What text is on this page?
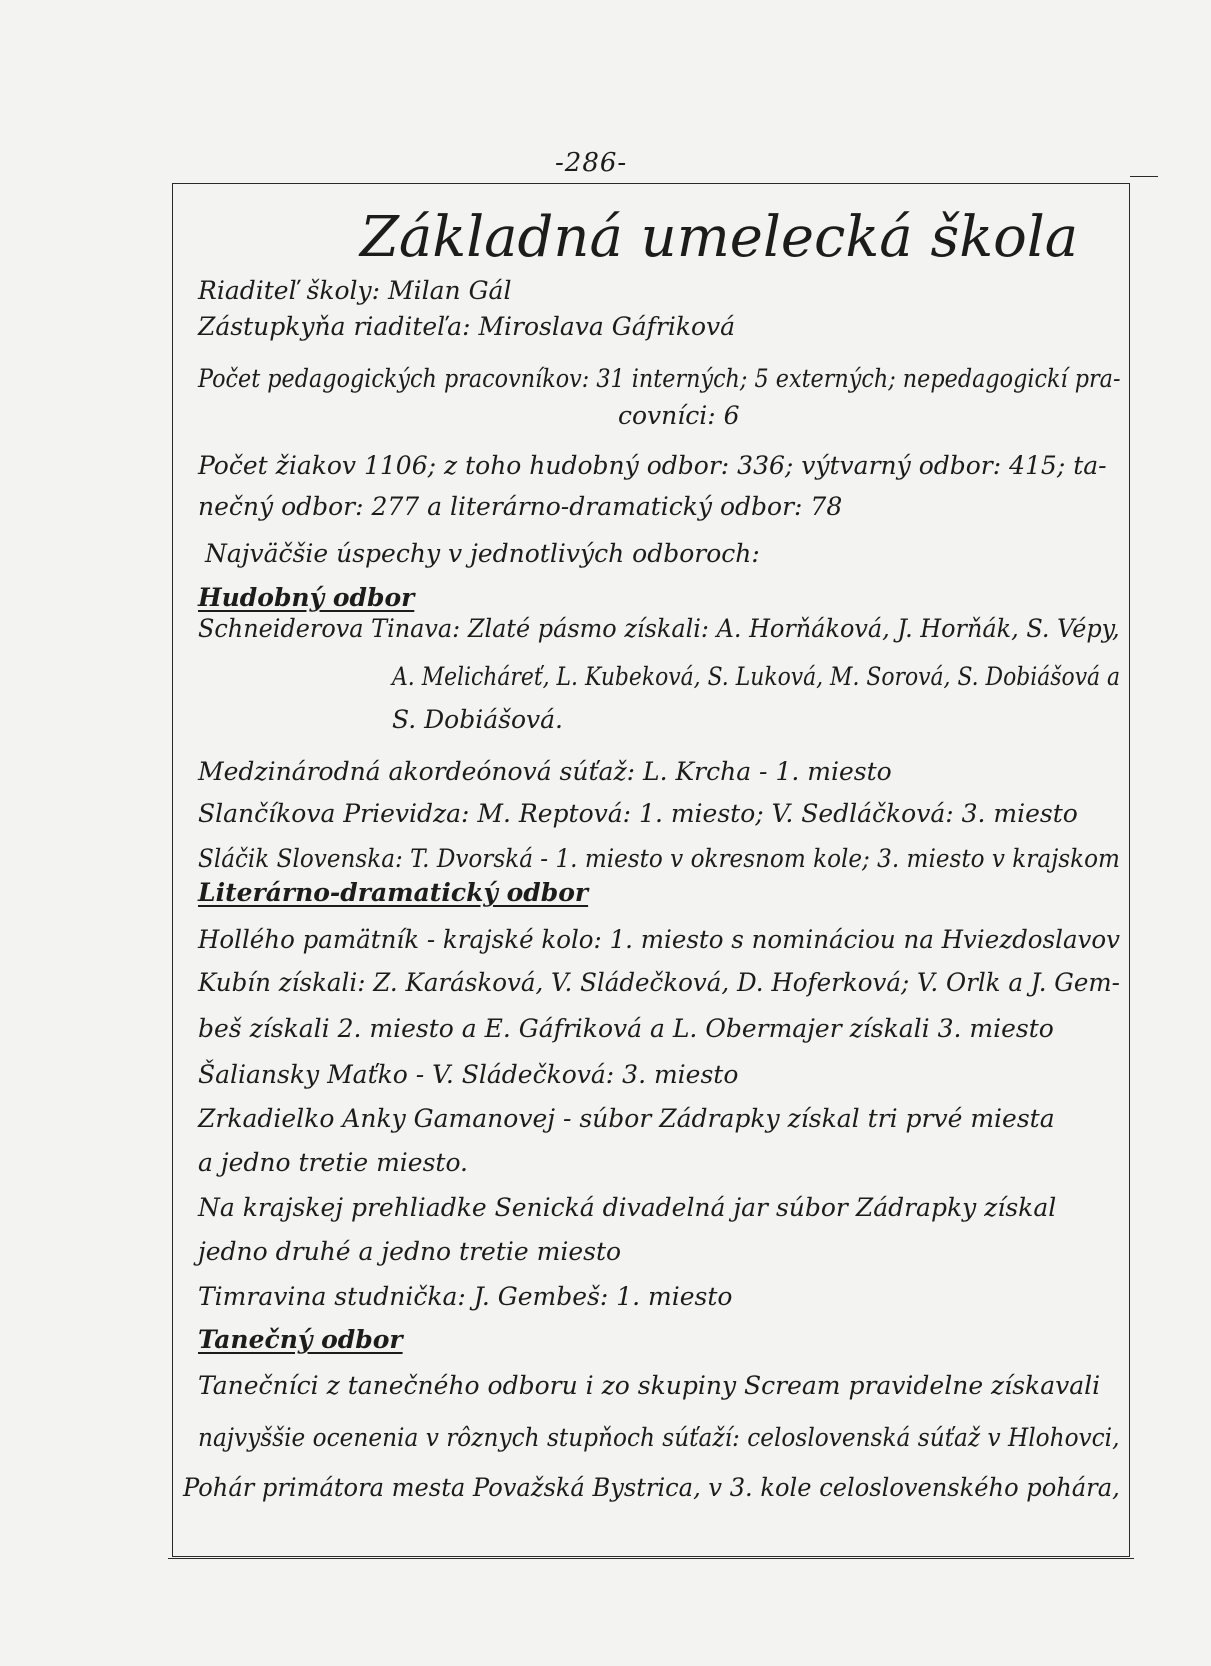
-286-
Základná umelecká škola
Riaditeľ školy: Milan Gál
Zástupkyňa riaditeľa: Miroslava Gáfriková
Počet pedagogických pracovníkov: 31 interných; 5 externých; nepedagogickí pra-
covníci: 6
Počet žiakov 1106; z toho hudobný odbor: 336; výtvarný odbor: 415; ta-
nečný odbor: 277 a literárno-dramatický odbor: 78
Najväčšie úspechy v jednotlivých odboroch:
Hudobný odbor
Schneiderova Tinava: Zlaté pásmo získali: A. Horňáková, J. Horňák, S. Vépy,
A. Melicháreť, L. Kubeková, S. Luková, M. Sorová, S. Dobiášová a
S. Dobiášová.
Medzinárodná akordeónová súťaž: L. Krcha - 1. miesto
Slančíkova Prievidza: M. Reptová: 1. miesto; V. Sedláčková: 3. miesto
Sláčik Slovenska: T. Dvorská - 1. miesto v okresnom kole; 3. miesto v krajskom
Literárno-dramatický odbor
Hollého pamätník - krajské kolo: 1. miesto s nomináciou na Hviezdoslavov
Kubín získali: Z. Karásková, V. Sládečková, D. Hoferková; V. Orlk a J. Gem-
beš získali 2. miesto a E. Gáfriková a L. Obermajer získali 3. miesto
Šaliansky Maťko - V. Sládečková: 3. miesto
Zrkadielko Anky Gamanovej - súbor Zádrapky získal tri prvé miesta
a jedno tretie miesto.
Na krajskej prehliadke Senická divadelná jar súbor Zádrapky získal
jedno druhé a jedno tretie miesto
Timravina studnička: J. Gembeš: 1. miesto
Tanečný odbor
Tanečníci z tanečného odboru i zo skupiny Scream pravidelne získavali
najvyššie ocenenia v rôznych stupňoch súťaží: celoslovenská súťaž v Hlohovci,
Pohár primátora mesta Považská Bystrica, v 3. kole celoslovenského pohára,
